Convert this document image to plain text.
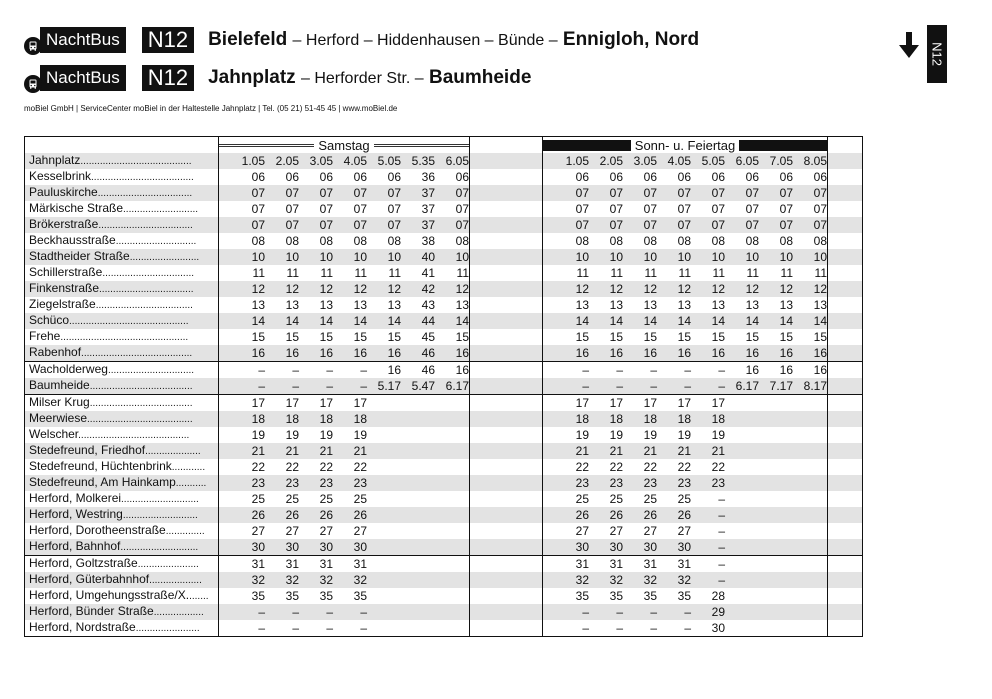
NachtBus N12	Bielefeld – Herford – Hiddenhausen – Bünde – Ennigloh, Nord
NachtBus N12	Jahnplatz – Herforder Str. – Baumheide
moBiel GmbH | ServiceCenter moBiel in der Haltestelle Jahnplatz | Tel. (05 21) 51-45 45 | www.moBiel.de
N12

	Samstag									Sonn- u. Feiertag									

Jahnplatz........................................		1.05	2.05	3.05	4.05	5.05	5.35	6.05			1.05	2.05	3.05	4.05	5.05	6.05	7.05	8.05	
Kesselbrink.....................................		06	06	06	06	06	36	06			06	06	06	06	06	06	06	06	
Pauluskirche..................................		07	07	07	07	07	37	07			07	07	07	07	07	07	07	07	
Märkische Straße...........................		07	07	07	07	07	37	07			07	07	07	07	07	07	07	07	
Brökerstraße..................................		07	07	07	07	07	37	07			07	07	07	07	07	07	07	07	
Beckhausstraße.............................		08	08	08	08	08	38	08			08	08	08	08	08	08	08	08	
Stadtheider Straße.........................		10	10	10	10	10	40	10			10	10	10	10	10	10	10	10	
Schillerstraße.................................		11	11	11	11	11	41	11			11	11	11	11	11	11	11	11	
Finkenstraße..................................		12	12	12	12	12	42	12			12	12	12	12	12	12	12	12	
Ziegelstraße...................................		13	13	13	13	13	43	13			13	13	13	13	13	13	13	13	
Schüco...........................................		14	14	14	14	14	44	14			14	14	14	14	14	14	14	14	
Frehe..............................................		15	15	15	15	15	45	15			15	15	15	15	15	15	15	15	
Rabenhof........................................		16	16	16	16	16	46	16			16	16	16	16	16	16	16	16	
Wacholderweg...............................		–	–	–	–	16	46	16			–	–	–	–	–	16	16	16	
Baumheide.....................................		–	–	–	–	5.17	5.47	6.17			–	–	–	–	–	6.17	7.17	8.17	
Milser Krug.....................................		17	17	17	17						17	17	17	17	17				
Meerwiese......................................		18	18	18	18						18	18	18	18	18				
Welscher........................................		19	19	19	19						19	19	19	19	19				
Stedefreund, Friedhof....................		21	21	21	21						21	21	21	21	21				
Stedefreund, Hüchtenbrink............		22	22	22	22						22	22	22	22	22				
Stedefreund, Am Hainkamp...........		23	23	23	23						23	23	23	23	23				
Herford, Molkerei............................		25	25	25	25						25	25	25	25	–				
Herford, Westring...........................		26	26	26	26						26	26	26	26	–				
Herford, Dorotheenstraße..............		27	27	27	27						27	27	27	27	–				
Herford, Bahnhof............................		30	30	30	30						30	30	30	30	–				
Herford, Goltzstraße......................		31	31	31	31						31	31	31	31	–				
Herford, Güterbahnhof...................		32	32	32	32						32	32	32	32	–				
Herford, Umgehungsstraße/X........		35	35	35	35						35	35	35	35	28				
Herford, Bünder Straße..................		–	–	–	–						–	–	–	–	29				
Herford, Nordstraße.......................		–	–	–	–						–	–	–	–	30				
